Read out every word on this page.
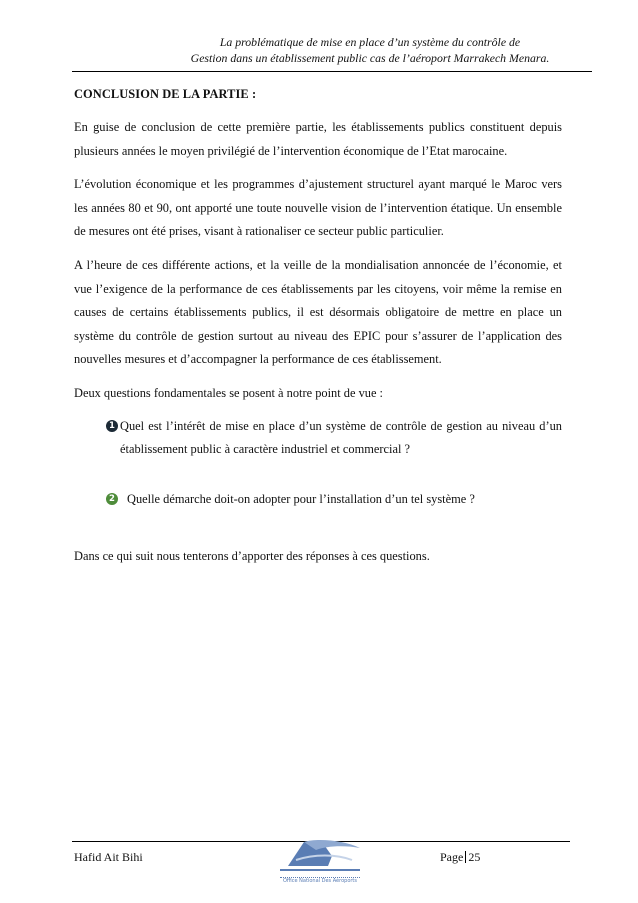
La problématique de mise en place d’un système du contrôle de
Gestion dans un établissement public cas de l’aéroport Marrakech Menara.
CONCLUSION DE LA PARTIE :

En guise de conclusion de cette première partie, les établissements publics constituent depuis plusieurs années le moyen privilégié de l’intervention économique de l’Etat marocaine.

L’évolution économique et les programmes d’ajustement structurel ayant marqué le Maroc vers les années 80 et 90, ont apporté une toute nouvelle vision de l’intervention étatique. Un ensemble de mesures ont été prises, visant à rationaliser ce secteur public particulier.

A l’heure de ces différente actions, et la veille de la mondialisation annoncée de l’économie, et vue l’exigence de la performance de ces établissements par les citoyens, voir même la remise en causes de certains établissements publics, il est désormais obligatoire de mettre en place un système du contrôle de gestion surtout au niveau des EPIC pour s’assurer de l’application des nouvelles mesures et d’accompagner la performance de ces établissement.

Deux questions fondamentales se posent à notre point de vue :

1 Quel est l’intérêt de mise en place d’un système de contrôle de gestion au niveau d’un établissement public à caractère industriel et commercial ?
2 Quelle démarche doit-on adopter pour l’installation d’un tel système ?

Dans ce qui suit nous tenterons d’apporter des réponses à ces questions.

Hafid Ait Bihi
Office National Des Aéroports
Page 25
